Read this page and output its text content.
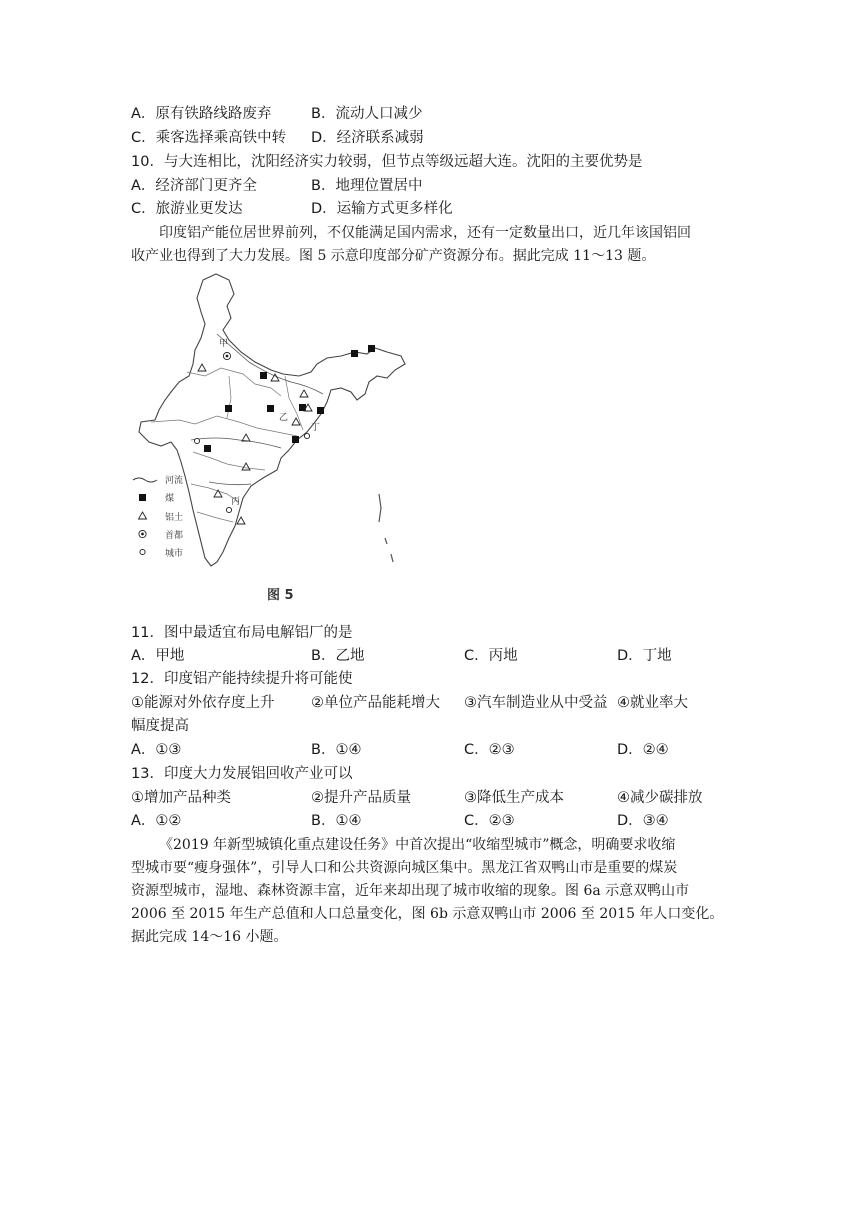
A．原有铁路线路废弃	B．流动人口减少
C．乘客选择乘高铁中转 D．经济联系减弱
10．与大连相比，沈阳经济实力较弱，但节点等级远超大连。沈阳的主要优势是
A．经济部门更齐全	B．地理位置居中
C．旅游业更发达	D．运输方式更多样化
印度铝产能位居世界前列，不仅能满足国内需求，还有一定数量出口，近几年该国铝回
收产业也得到了大力发展。图 5 示意印度部分矿产资源分布。据此完成 11～13 题。
甲
乙
丙
丁
河流
煤
铝土
首都
城市
图 5
11．图中最适宜布局电解铝厂的是
A．甲地	B．乙地	C．丙地	D．丁地
12．印度铝产能持续提升将可能使
①能源对外依存度上升	②单位产品能耗增大 ③汽车制造业从中受益 ④就业率大
幅度提高
A．①③	B．①④	C．②③	D．②④
13．印度大力发展铝回收产业可以
①增加产品种类	②提升产品质量	③降低生产成本	④减少碳排放
A．①②	B．①④	C．②③	D．③④
《2019 年新型城镇化重点建设任务》中首次提出“收缩型城市”概念，明确要求收缩
型城市要“瘦身强体”，引导人口和公共资源向城区集中。黑龙江省双鸭山市是重要的煤炭
资源型城市，湿地、森林资源丰富，近年来却出现了城市收缩的现象。图 6a 示意双鸭山市
2006 至 2015 年生产总值和人口总量变化，图 6b 示意双鸭山市 2006 至 2015 年人口变化。
据此完成 14～16 小题。
